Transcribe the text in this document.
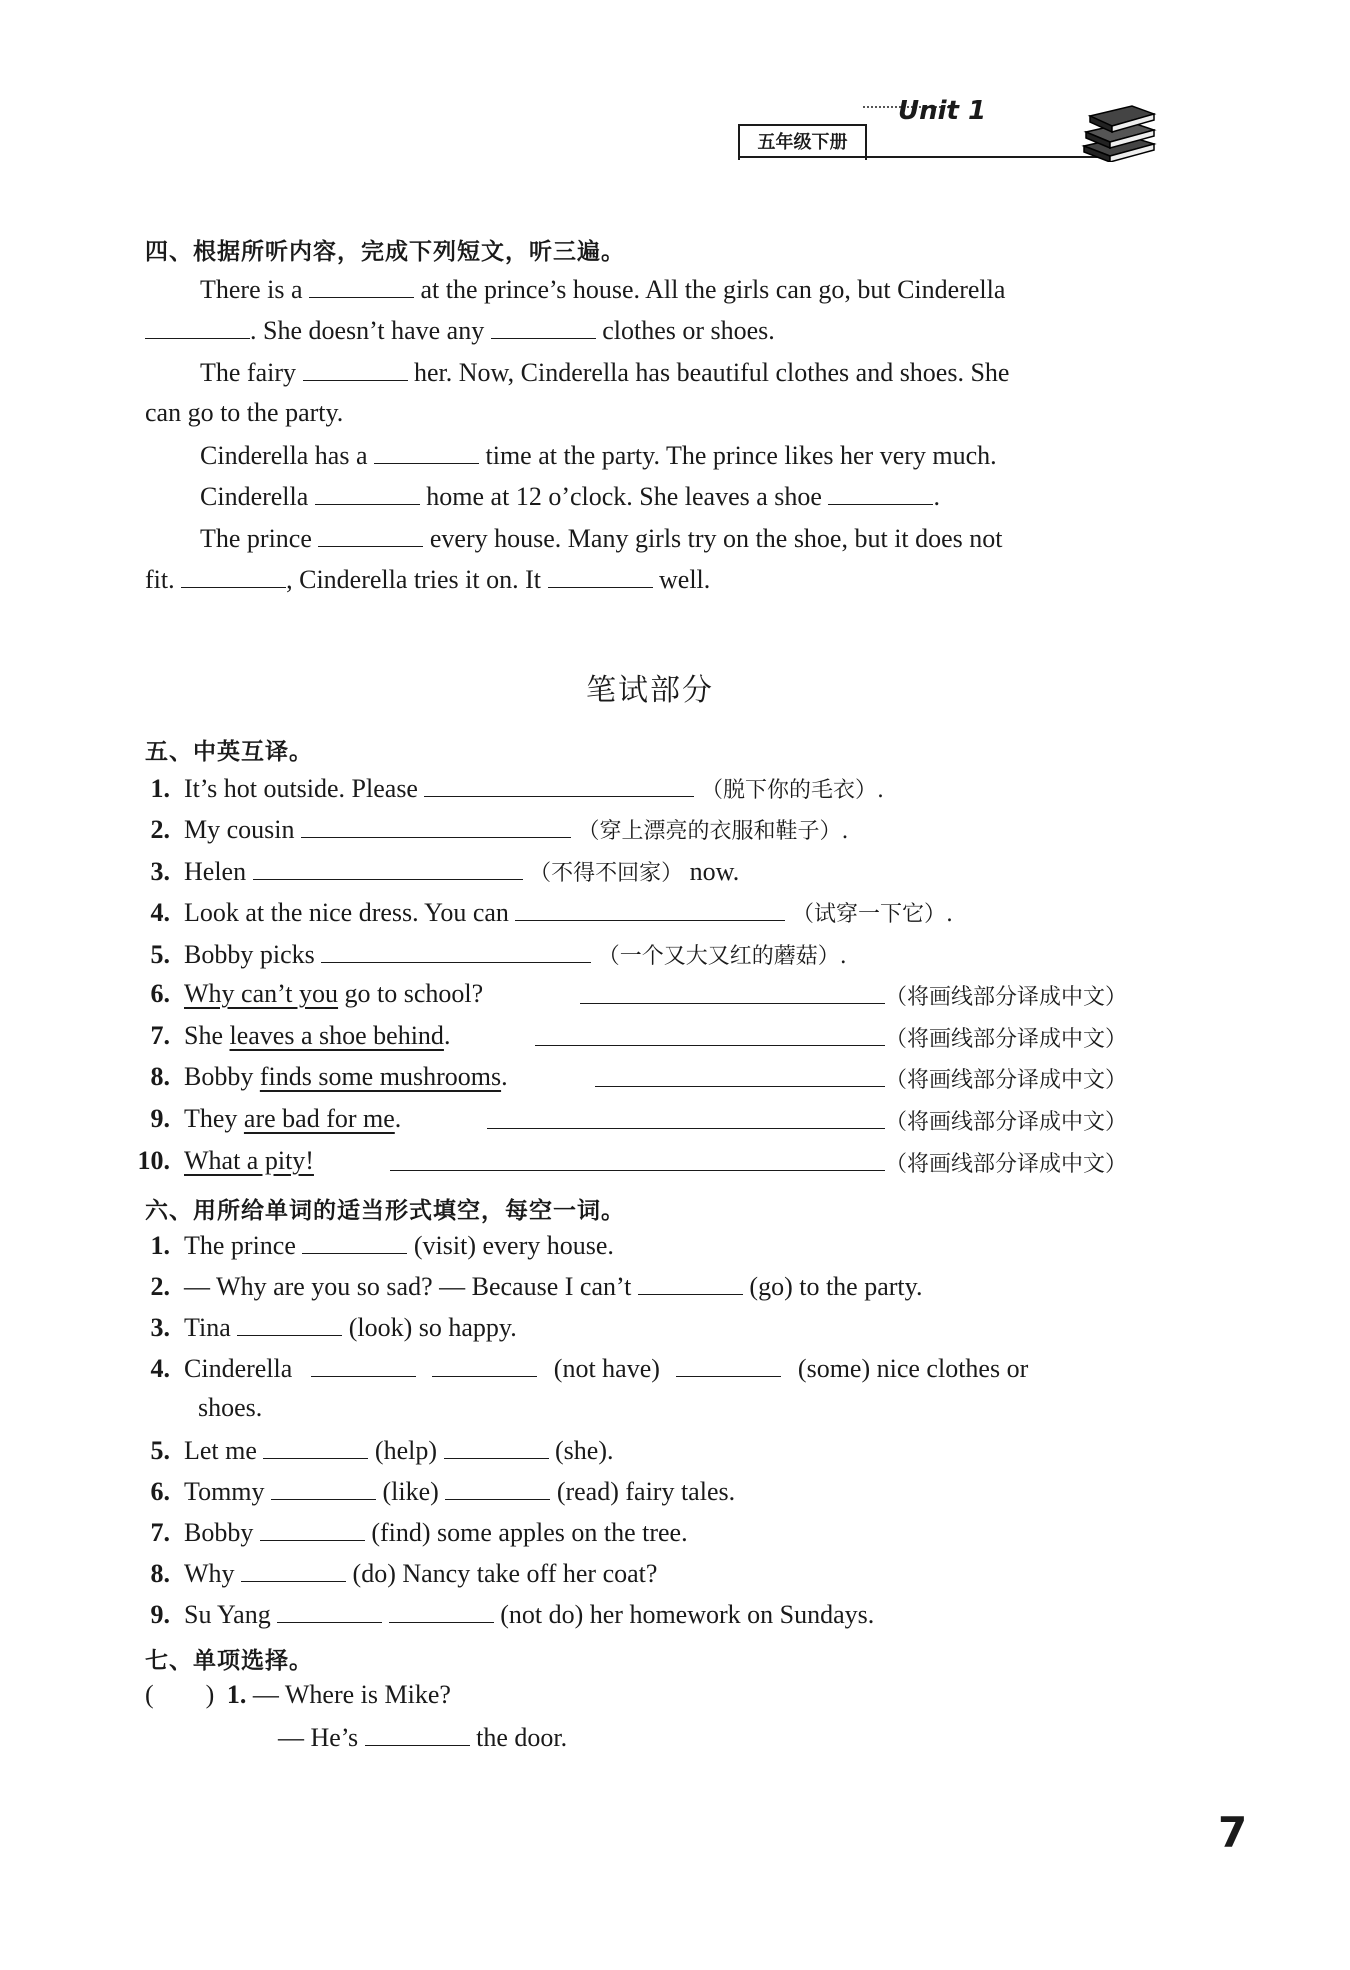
Unit 1
五年级下册
四、根据所听内容，完成下列短文，听三遍。
There is a	at the prince’s house. All the girls can go, but Cinderella
. She doesn’t have any	clothes or shoes.
The fairy	her. Now, Cinderella has beautiful clothes and shoes. She
can go to the party.
Cinderella has a	time at the party. The prince likes her very much.
Cinderella	home at 12 o’clock. She leaves a shoe	.
The prince	every house. Many girls try on the shoe, but it does not
fit.	, Cinderella tries it on. It	well.
笔试部分
五、中英互译。
1. It’s hot outside. Please	（脱下你的毛衣）.
2. My cousin	（穿上漂亮的衣服和鞋子）.
3. Helen	（不得不回家） now.
4. Look at the nice dress. You can	（试穿一下它）.
5. Bobby picks	（一个又大又红的蘑菇）.
6. Why can’t you go to school?	（将画线部分译成中文）
7. She leaves a shoe behind.	（将画线部分译成中文）
8. Bobby finds some mushrooms.	（将画线部分译成中文）
9. They are bad for me.	（将画线部分译成中文）
10. What a pity!	（将画线部分译成中文）
六、用所给单词的适当形式填空，每空一词。
1. The prince	(visit) every house.
2. — Why are you so sad? — Because I can’t	(go) to the party.
3. Tina	(look) so happy.
4. Cinderella	(not have)	(some) nice clothes or
shoes.
5. Let me	(help)	(she).
6. Tommy	(like)	(read) fairy tales.
7. Bobby	(find) some apples on the tree.
8. Why	(do) Nancy take off her coat?
9. Su Yang	(not do) her homework on Sundays.
七、单项选择。
(        ) 1. — Where is Mike?
— He’s	the door.
7
